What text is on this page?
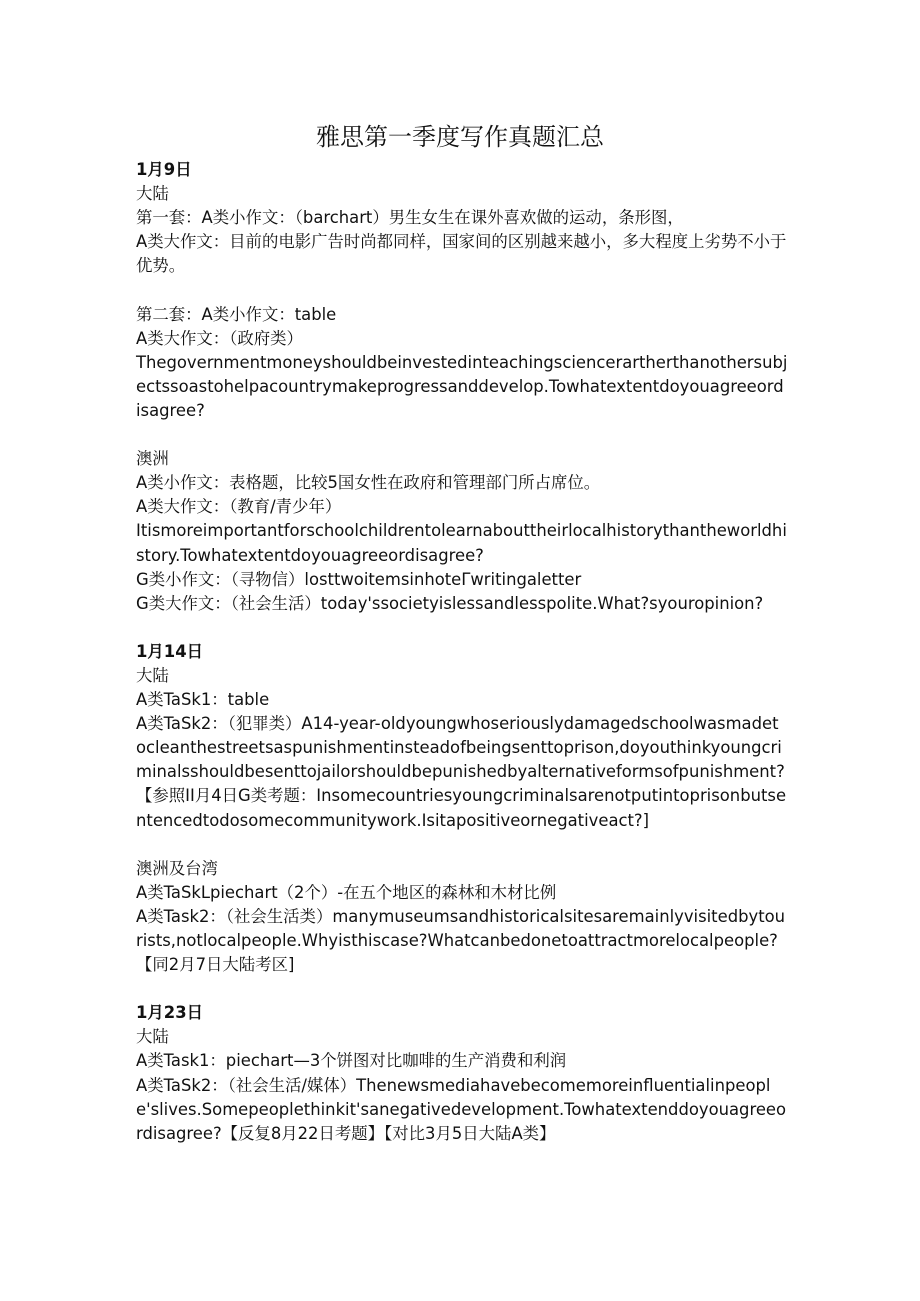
雅思第一季度写作真题汇总

1月9日

大陆

第一套：A类小作文：（barchart）男生女生在课外喜欢做的运动，条形图，

A类大作文：目前的电影广告时尚都同样，国家间的区别越来越小，多大程度上劣势不小于优势。

第二套：A类小作文：table

A类大作文：（政府类）

Thegovernmentmoneyshouldbeinvestedinteachingsciencerartherthanothersubjectssoastohelpacountrymakeprogressanddevelop.Towhatextentdoyouagreeordisagree?

澳洲

A类小作文：表格题，比较5国女性在政府和管理部门所占席位。

A类大作文：（教育/青少年）

Itismoreimportantforschoolchildrentolearnabouttheirlocalhistorythantheworldhistory.Towhatextentdoyouagreeordisagree?

G类小作文：（寻物信）losttwoitemsinhoteΓwritingaletter

G类大作文：（社会生活）today'ssocietyislessandlesspolite.What?syouropinion?

1月14日

大陆

A类TaSk1：table

A类TaSk2：（犯罪类）A14-year-oldyoungwhoseriouslydamagedschoolwasmadetocleanthestreetsaspunishmentinsteadofbeingsenttoprison,doyouthinkyoungcriminalsshouldbesenttojailorshouldbepunishedbyalternativeformsofpunishment?【参照II月4日G类考题：Insomecountriesyoungcriminalsarenotputintoprisonbutsentencedtodosomecommunitywork.Isitapositiveornegativeact?]

澳洲及台湾

A类TaSkLpiechart（2个）-在五个地区的森林和木材比例

A类Task2：（社会生活类）manymuseumsandhistoricalsitesaremainlyvisitedbytourists,notlocalpeople.Whyisthiscase?Whatcanbedonetoattractmorelocalpeople?【同2月7日大陆考区]

1月23日

大陆

A类Task1：piechart—3个饼图对比咖啡的生产消费和利润

A类TaSk2：（社会生活/媒体）Thenewsmediahavebecomemoreinfluentialinpeople'slives.Somepeoplethinkit'sanegativedevelopment.Towhatextenddoyouagreeordisagree?【反复8月22日考题】【对比3月5日大陆A类】
